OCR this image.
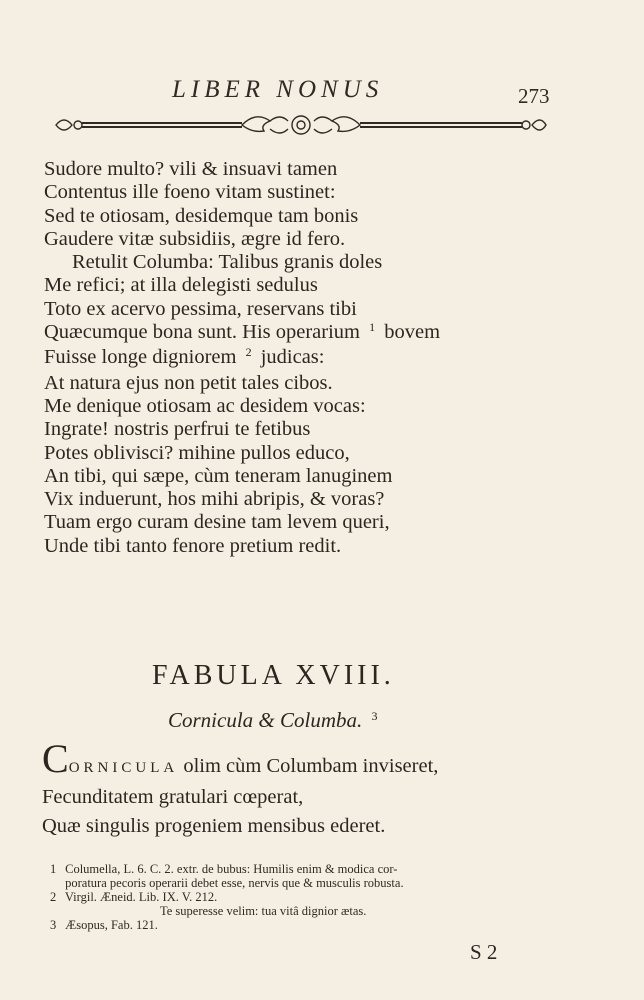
LIBER NONUS	273
Sudore multo? vili & insuavi tamen
Contentus ille foeno vitam sustinet:
Sed te otiosam, desidemque tam bonis
Gaudere vitæ subsidiis, ægre id fero.
Retulit Columba: Talibus granis doles
Me refici; at illa delegisti sedulus
Toto ex acervo pessima, reservans tibi
Quæcumque bona sunt. His operarium $^1$ bovem
Fuisse longe digniorem $^2$ judicas:
At natura ejus non petit tales cibos.
Me denique otiosam ac desidem vocas:
Ingrate! nostris perfrui te fetibus
Potes oblivisci? mihine pullos educo,
An tibi, qui sæpe, cùm teneram lanuginem
Vix induerunt, hos mihi abripis, & voras?
Tuam ergo curam desine tam levem queri,
Unde tibi tanto fenore pretium redit.
FABULA XVIII.
Cornicula & Columba. $^3$
CORNICULA olim cùm Columbam inviseret,
Fecunditatem gratulari cœperat,
Quæ singulis progeniem mensibus ederet.
1 Columella, L. 6. C. 2. extr. de bubus: Humilis enim & modica cor-
poratura pecoris operarii debet esse, nervis que & musculis robusta.
2 Virgil. Æneid. Lib. IX. V. 212.
Te superesse velim: tua vitâ dignior ætas.
3 Æsopus, Fab. 121.
S 2
